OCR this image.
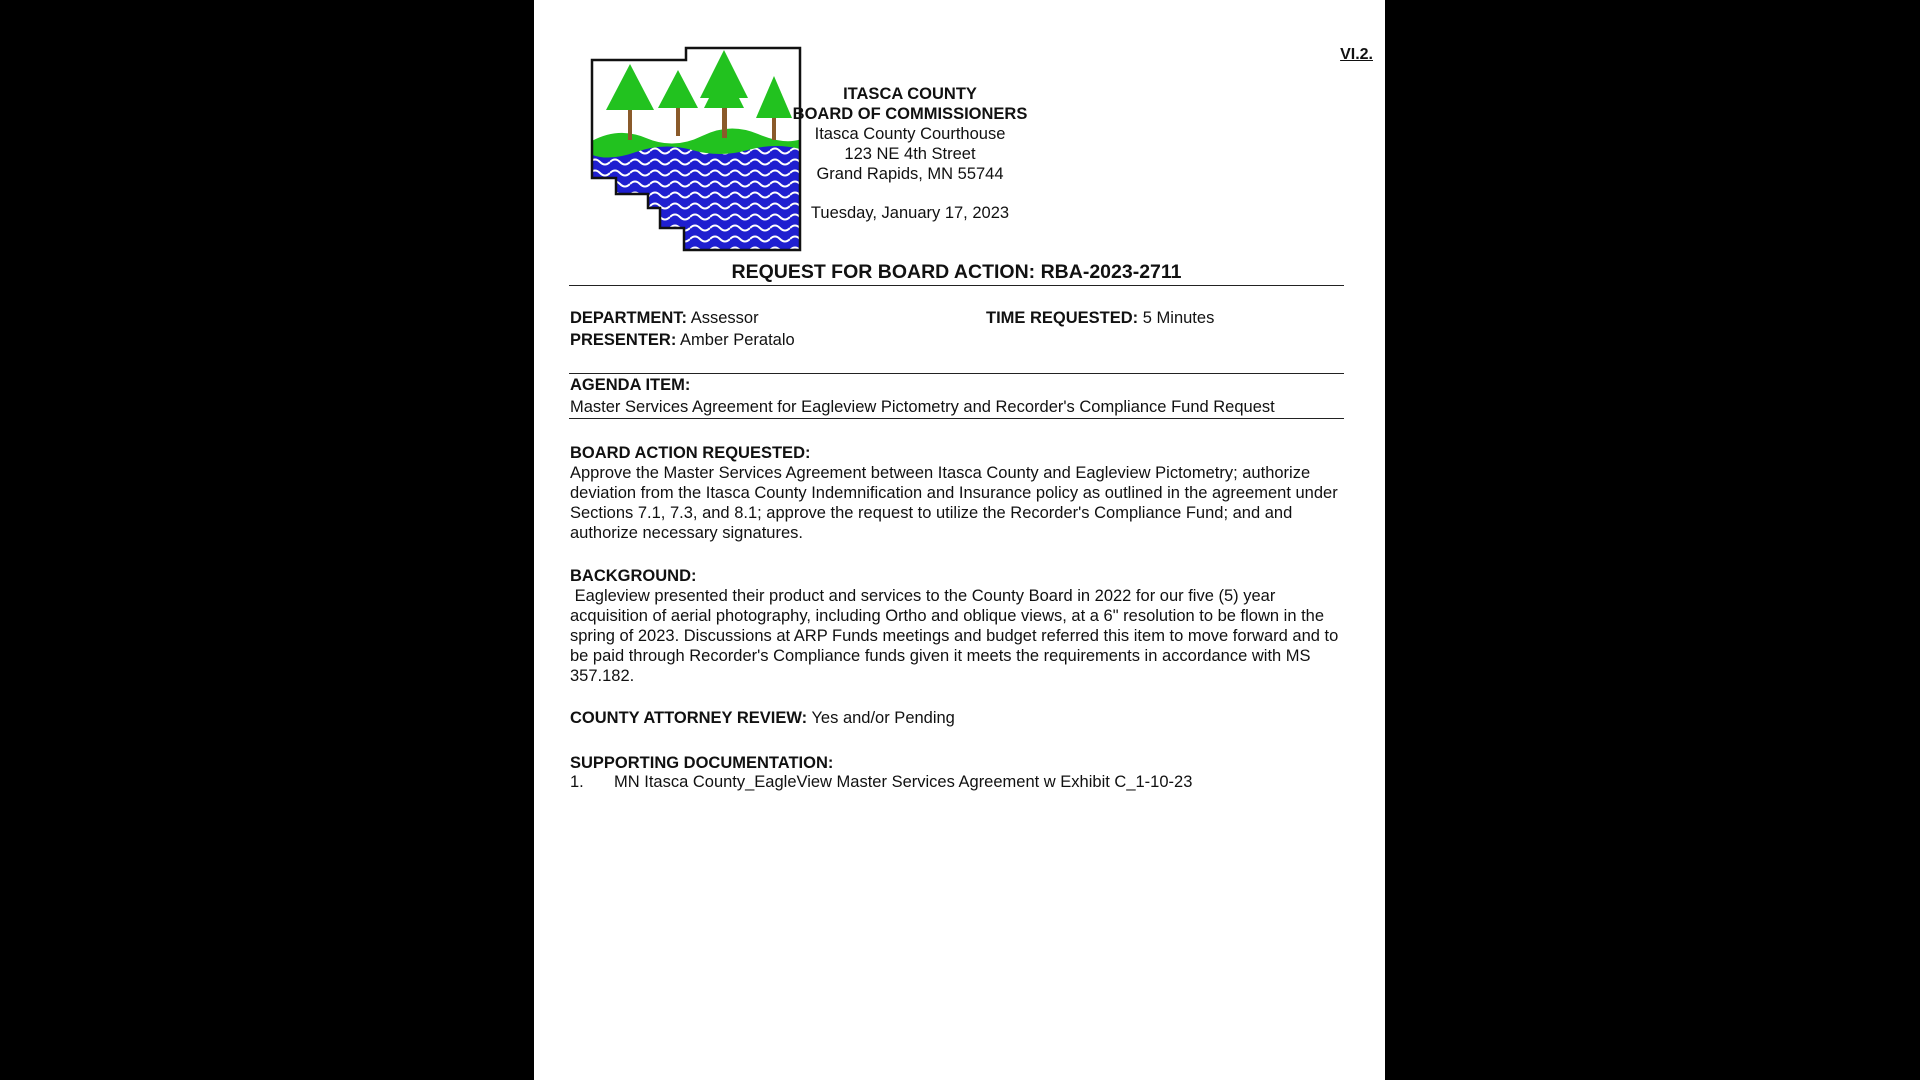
VI.2.
ITASCA COUNTY
BOARD OF COMMISSIONERS
Itasca County Courthouse
123 NE 4th Street
Grand Rapids, MN 55744
Tuesday, January 17, 2023
REQUEST FOR BOARD ACTION: RBA-2023-2711
DEPARTMENT: Assessor	TIME REQUESTED: 5 Minutes
PRESENTER: Amber Peratalo
AGENDA ITEM:
Master Services Agreement for Eagleview Pictometry and Recorder's Compliance Fund Request
BOARD ACTION REQUESTED:
Approve the Master Services Agreement between Itasca County and Eagleview Pictometry; authorize deviation from the Itasca County Indemnification and Insurance policy as outlined in the agreement under Sections 7.1, 7.3, and 8.1; approve the request to utilize the Recorder's Compliance Fund; and and authorize necessary signatures.
BACKGROUND:
Eagleview presented their product and services to the County Board in 2022 for our five (5) year acquisition of aerial photography, including Ortho and oblique views, at a 6" resolution to be flown in the spring of 2023. Discussions at ARP Funds meetings and budget referred this item to move forward and to be paid through Recorder's Compliance funds given it meets the requirements in accordance with MS 357.182.
COUNTY ATTORNEY REVIEW: Yes and/or Pending
SUPPORTING DOCUMENTATION:
1. MN Itasca County_EagleView Master Services Agreement w Exhibit C_1-10-23
